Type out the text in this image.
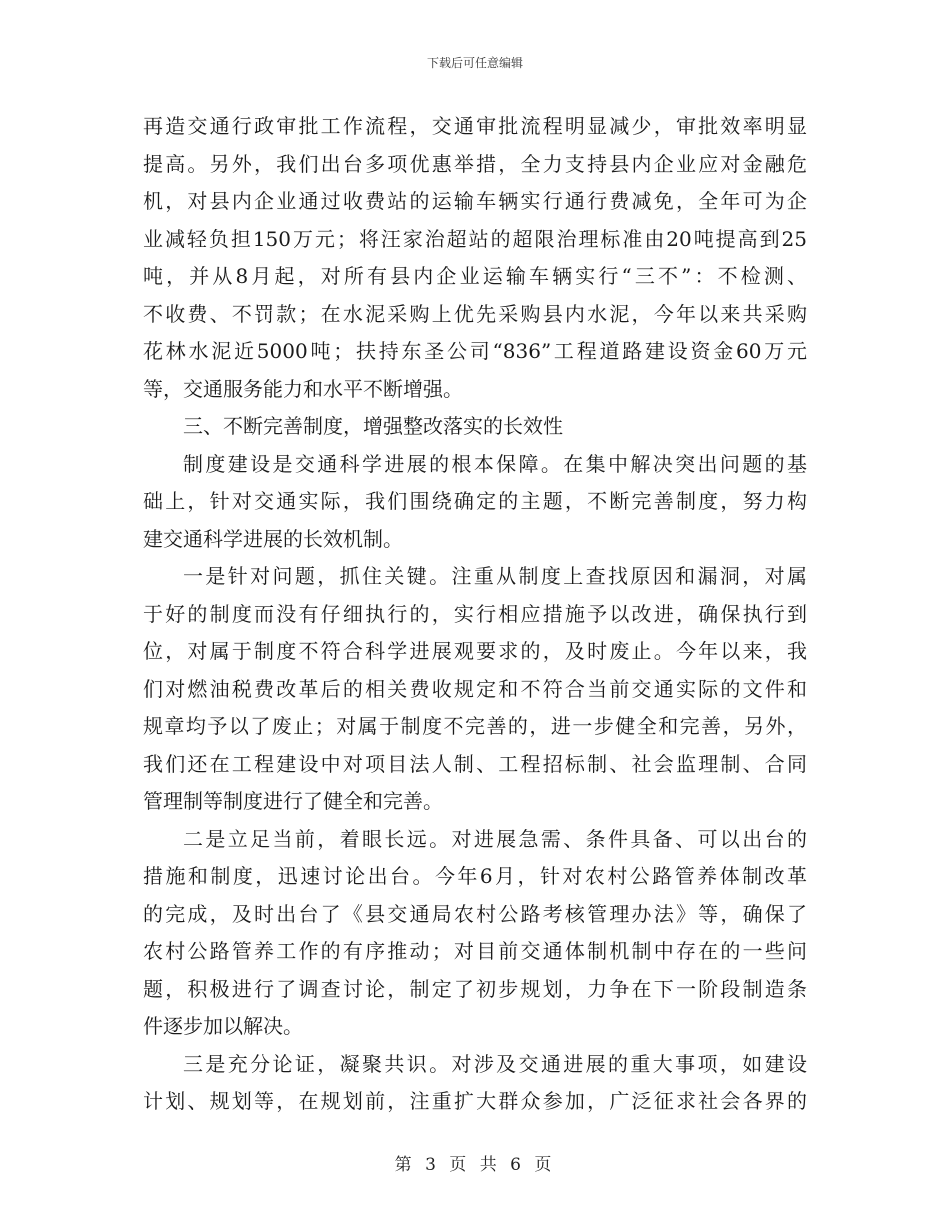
下载后可任意编辑
再造交通行政审批工作流程，交通审批流程明显减少，审批效率明显
提高。另外，我们出台多项优惠举措，全力支持县内企业应对金融危
机，对县内企业通过收费站的运输车辆实行通行费减免，全年可为企
业减轻负担150万元；将汪家治超站的超限治理标准由20吨提高到25
吨，并从8月起，对所有县内企业运输车辆实行“三不”：不检测、
不收费、不罚款；在水泥采购上优先采购县内水泥，今年以来共采购
花林水泥近5000吨；扶持东圣公司“836”工程道路建设资金60万元
等，交通服务能力和水平不断增强。
三、不断完善制度，增强整改落实的长效性
制度建设是交通科学进展的根本保障。在集中解决突出问题的基
础上，针对交通实际，我们围绕确定的主题，不断完善制度，努力构
建交通科学进展的长效机制。
一是针对问题，抓住关键。注重从制度上查找原因和漏洞，对属
于好的制度而没有仔细执行的，实行相应措施予以改进，确保执行到
位，对属于制度不符合科学进展观要求的，及时废止。今年以来，我
们对燃油税费改革后的相关费收规定和不符合当前交通实际的文件和
规章均予以了废止；对属于制度不完善的，进一步健全和完善，另外，
我们还在工程建设中对项目法人制、工程招标制、社会监理制、合同
管理制等制度进行了健全和完善。
二是立足当前，着眼长远。对进展急需、条件具备、可以出台的
措施和制度，迅速讨论出台。今年6月，针对农村公路管养体制改革
的完成，及时出台了《县交通局农村公路考核管理办法》等，确保了
农村公路管养工作的有序推动；对目前交通体制机制中存在的一些问
题，积极进行了调查讨论，制定了初步规划，力争在下一阶段制造条
件逐步加以解决。
三是充分论证，凝聚共识。对涉及交通进展的重大事项，如建设
计划、规划等，在规划前，注重扩大群众参加，广泛征求社会各界的
第 3 页 共 6 页
